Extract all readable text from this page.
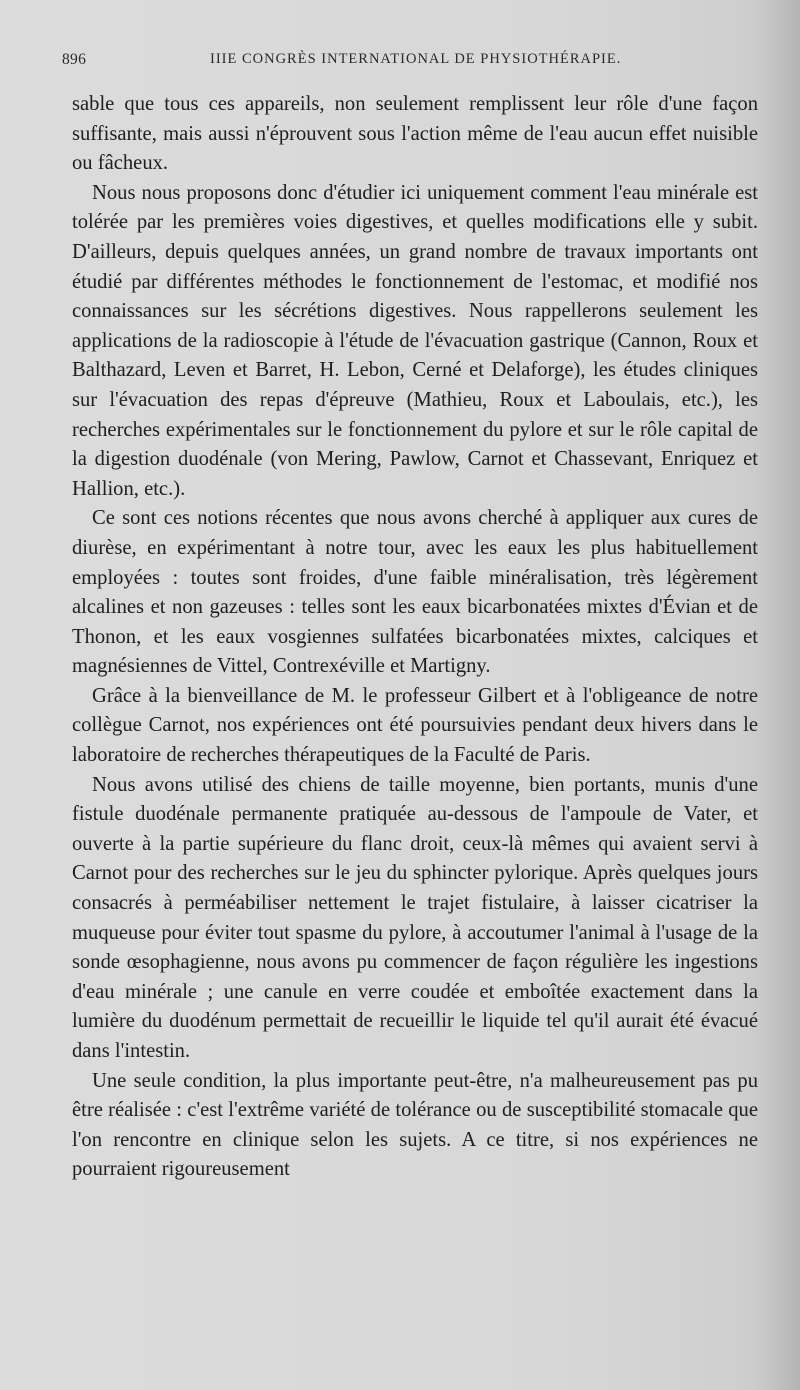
896	IIIE CONGRÈS INTERNATIONAL DE PHYSIOTHÉRAPIE.

sable que tous ces appareils, non seulement remplissent leur rôle d'une façon suffisante, mais aussi n'éprouvent sous l'action même de l'eau aucun effet nuisible ou fâcheux.

Nous nous proposons donc d'étudier ici uniquement comment l'eau minérale est tolérée par les premières voies digestives, et quelles modifications elle y subit. D'ailleurs, depuis quelques années, un grand nombre de travaux importants ont étudié par différentes méthodes le fonctionnement de l'estomac, et modifié nos connaissances sur les sécrétions digestives. Nous rappellerons seulement les applications de la radioscopie à l'étude de l'évacuation gastrique (Cannon, Roux et Balthazard, Leven et Barret, H. Lebon, Cerné et Delaforge), les études cliniques sur l'évacuation des repas d'épreuve (Mathieu, Roux et Laboulais, etc.), les recherches expérimentales sur le fonctionnement du pylore et sur le rôle capital de la digestion duodénale (von Mering, Pawlow, Carnot et Chassevant, Enriquez et Hallion, etc.).

Ce sont ces notions récentes que nous avons cherché à appliquer aux cures de diurèse, en expérimentant à notre tour, avec les eaux les plus habituellement employées : toutes sont froides, d'une faible minéralisation, très légèrement alcalines et non gazeuses : telles sont les eaux bicarbonatées mixtes d'Évian et de Thonon, et les eaux vosgiennes sulfatées bicarbonatées mixtes, calciques et magnésiennes de Vittel, Contrexéville et Martigny.

Grâce à la bienveillance de M. le professeur Gilbert et à l'obligeance de notre collègue Carnot, nos expériences ont été poursuivies pendant deux hivers dans le laboratoire de recherches thérapeutiques de la Faculté de Paris.

Nous avons utilisé des chiens de taille moyenne, bien portants, munis d'une fistule duodénale permanente pratiquée au-dessous de l'ampoule de Vater, et ouverte à la partie supérieure du flanc droit, ceux-là mêmes qui avaient servi à Carnot pour des recherches sur le jeu du sphincter pylorique. Après quelques jours consacrés à perméabiliser nettement le trajet fistulaire, à laisser cicatriser la muqueuse pour éviter tout spasme du pylore, à accoutumer l'animal à l'usage de la sonde œsophagienne, nous avons pu commencer de façon régulière les ingestions d'eau minérale ; une canule en verre coudée et emboîtée exactement dans la lumière du duodénum permettait de recueillir le liquide tel qu'il aurait été évacué dans l'intestin.

Une seule condition, la plus importante peut-être, n'a malheureusement pas pu être réalisée : c'est l'extrême variété de tolérance ou de susceptibilité stomacale que l'on rencontre en clinique selon les sujets. A ce titre, si nos expériences ne pourraient rigoureusement
